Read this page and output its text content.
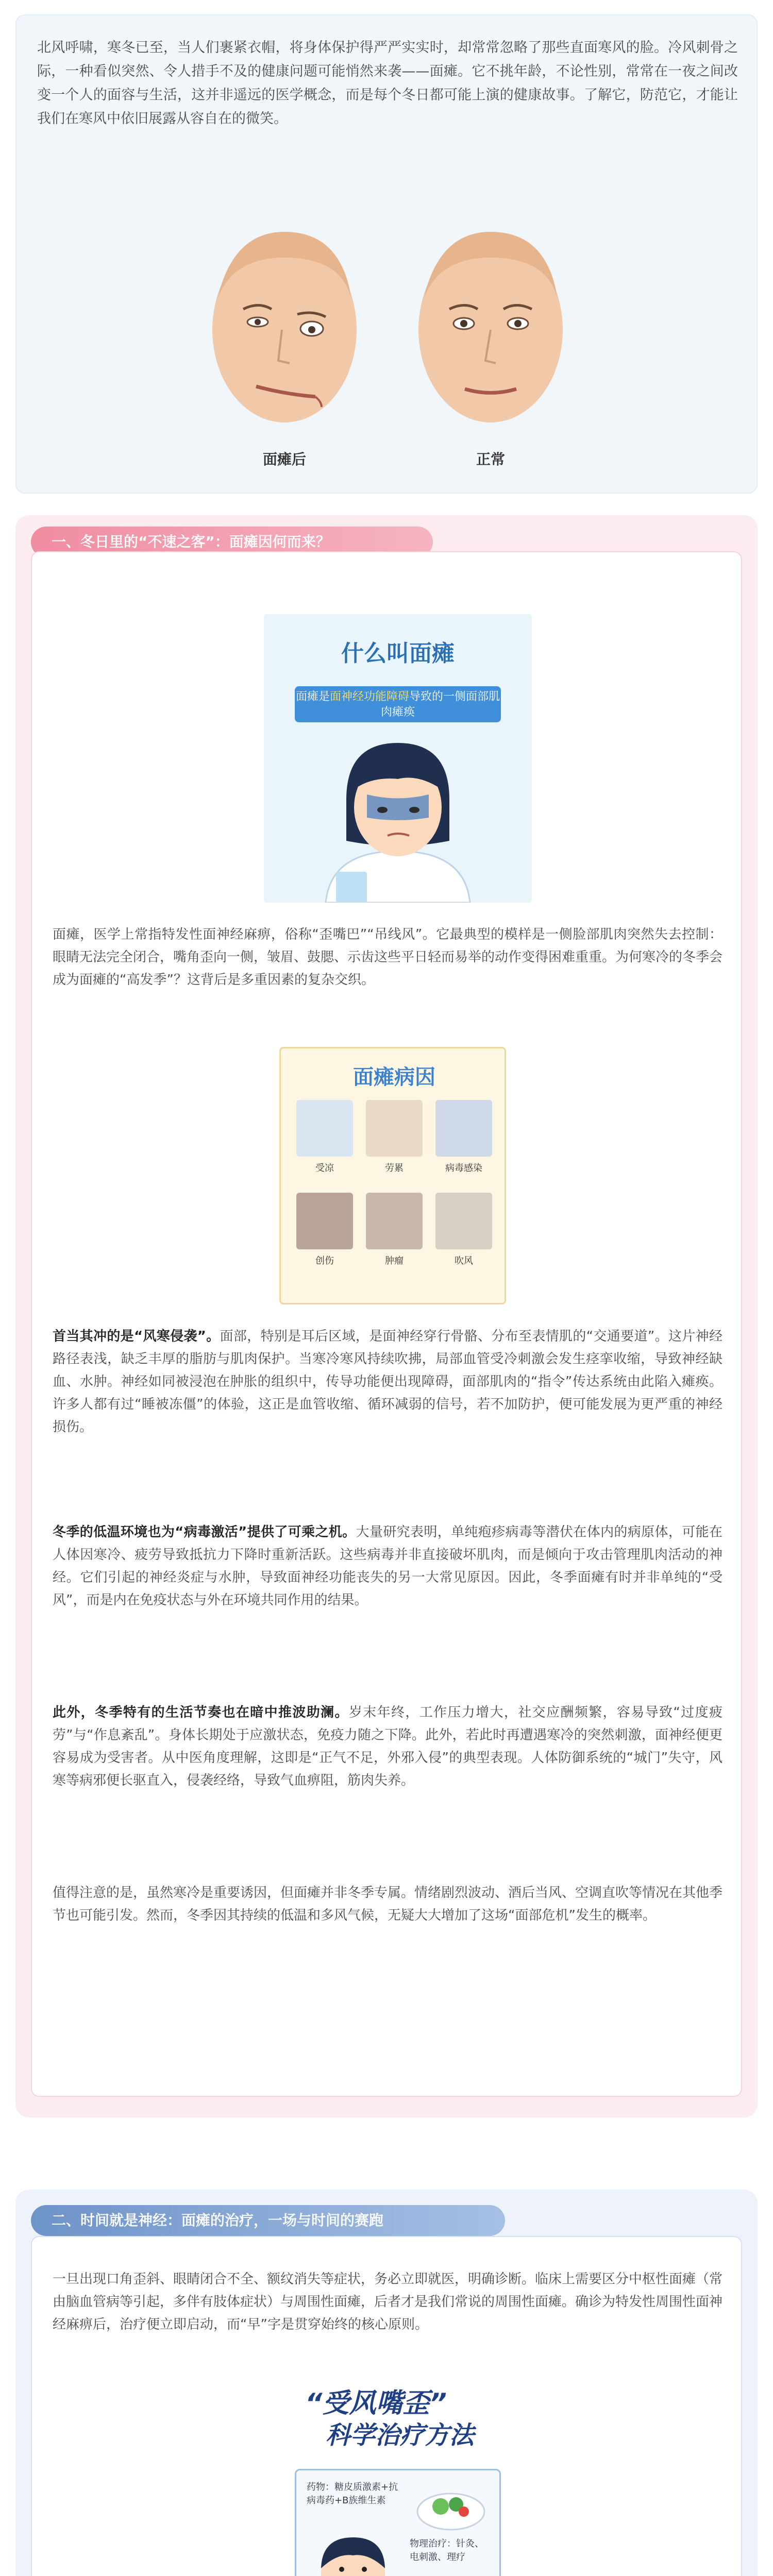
北风呼啸，寒冬已至，当人们裹紧衣帽，将身体保护得严严实实时，却常常忽略了那些直面寒风的脸。冷风刺骨之际，一种看似突然、令人措手不及的健康问题可能悄然来袭——面瘫。它不挑年龄，不论性别，常常在一夜之间改变一个人的面容与生活，这并非遥远的医学概念，而是每个冬日都可能上演的健康故事。了解它，防范它，才能让我们在寒风中依旧展露从容自在的微笑。

面瘫后	正常
一、冬日里的“不速之客”：面瘫因何而来？
什么叫面瘫
面瘫是面神经功能障碍导致的一侧面部肌肉瘫痪

面瘫，医学上常指特发性面神经麻痹，俗称“歪嘴巴”“吊线风”。它最典型的模样是一侧脸部肌肉突然失去控制：眼睛无法完全闭合，嘴角歪向一侧，皱眉、鼓腮、示齿这些平日轻而易举的动作变得困难重重。为何寒冷的冬季会成为面瘫的“高发季”？这背后是多重因素的复杂交织。

面瘫病因
受凉	劳累	病毒感染
创伤	肿瘤	吹风

首当其冲的是“风寒侵袭”。面部，特别是耳后区域，是面神经穿行骨骼、分布至表情肌的“交通要道”。这片神经路径表浅，缺乏丰厚的脂肪与肌肉保护。当寒冷寒风持续吹拂，局部血管受冷刺激会发生痉挛收缩，导致神经缺血、水肿。神经如同被浸泡在肿胀的组织中，传导功能便出现障碍，面部肌肉的“指令”传达系统由此陷入瘫痪。许多人都有过“睡被冻僵”的体验，这正是血管收缩、循环减弱的信号，若不加防护，便可能发展为更严重的神经损伤。

冬季的低温环境也为“病毒激活”提供了可乘之机。大量研究表明，单纯疱疹病毒等潜伏在体内的病原体，可能在人体因寒冷、疲劳导致抵抗力下降时重新活跃。这些病毒并非直接破坏肌肉，而是倾向于攻击管理肌肉活动的神经。它们引起的神经炎症与水肿，导致面神经功能丧失的另一大常见原因。因此，冬季面瘫有时并非单纯的“受风”，而是内在免疫状态与外在环境共同作用的结果。

此外，冬季特有的生活节奏也在暗中推波助澜。岁末年终，工作压力增大，社交应酬频繁，容易导致“过度疲劳”与“作息紊乱”。身体长期处于应激状态，免疫力随之下降。此外，若此时再遭遇寒冷的突然刺激，面神经便更容易成为受害者。从中医角度理解，这即是“正气不足，外邪入侵”的典型表现。人体防御系统的“城门”失守，风寒等病邪便长驱直入，侵袭经络，导致气血痹阻，筋肉失养。

值得注意的是，虽然寒冷是重要诱因，但面瘫并非冬季专属。情绪剧烈波动、酒后当风、空调直吹等情况在其他季节也可能引发。然而，冬季因其持续的低温和多风气候，无疑大大增加了这场“面部危机”发生的概率。

二、时间就是神经：面瘫的治疗，一场与时间的赛跑

一旦出现口角歪斜、眼睛闭合不全、额纹消失等症状，务必立即就医，明确诊断。临床上需要区分中枢性面瘫（常由脑血管病等引起，多伴有肢体症状）与周围性面瘫，后者才是我们常说的周围性面瘫。确诊为特发性周围性面神经麻痹后，治疗便立即启动，而“早”字是贯穿始终的核心原则。

“受风嘴歪”
科学治疗方法
药物：糖皮质激素+抗病毒药+B族维生素
物理治疗：针灸、电刺激、理疗
